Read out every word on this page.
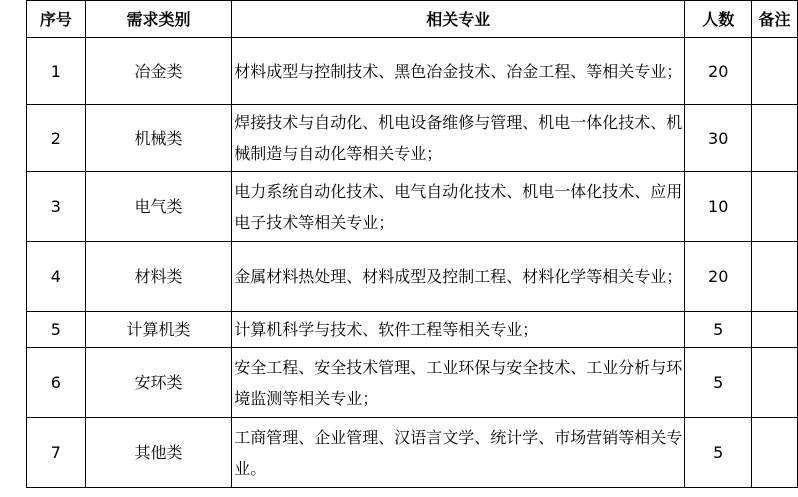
序号	需求类别	相关专业	人数	备注
1	冶金类	材料成型与控制技术、黑色冶金技术、冶金工程、等相关专业；	20	
2	机械类	焊接技术与自动化、机电设备维修与管理、机电一体化技术、机械制造与自动化等相关专业；	30	
3	电气类	电力系统自动化技术、电气自动化技术、机电一体化技术、应用电子技术等相关专业；	10	
4	材料类	金属材料热处理、材料成型及控制工程、材料化学等相关专业；	20	
5	计算机类	计算机科学与技术、软件工程等相关专业；	5	
6	安环类	安全工程、安全技术管理、工业环保与安全技术、工业分析与环境监测等相关专业；	5	
7	其他类	工商管理、企业管理、汉语言文学、统计学、市场营销等相关专业。	5	
